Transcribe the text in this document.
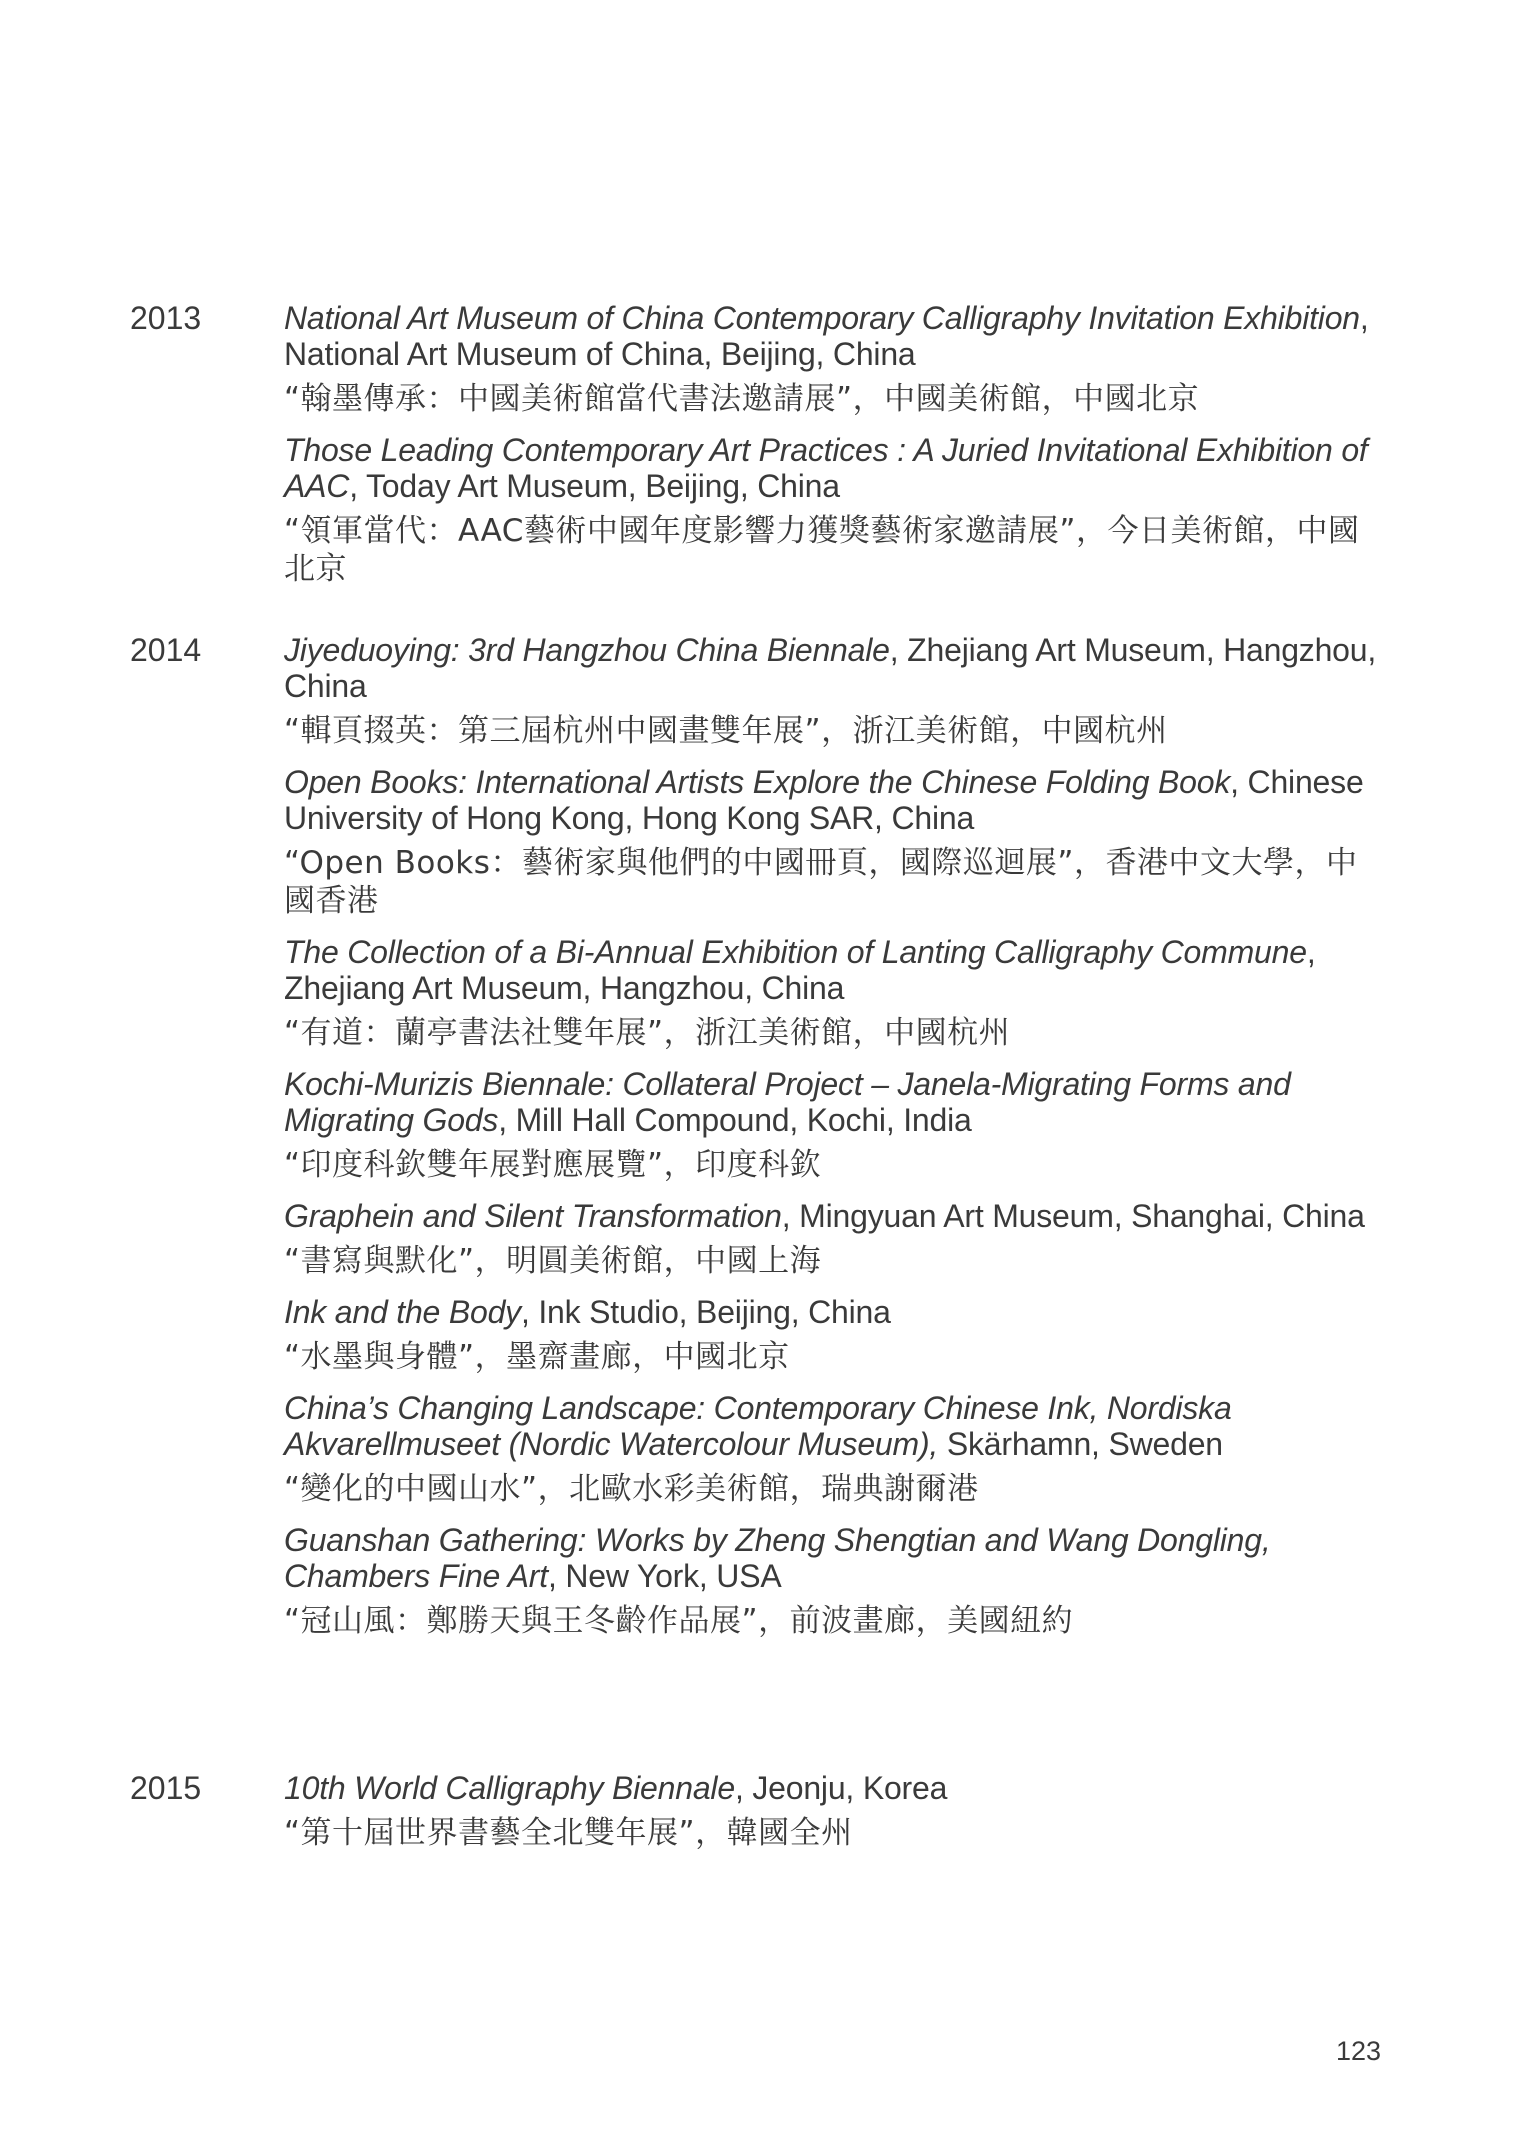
2013	National Art Museum of China Contemporary Calligraphy Invitation Exhibition, National Art Museum of China, Beijing, China

“翰墨傳承：中國美術館當代書法邀請展”，中國美術館，中國北京

Those Leading Contemporary Art Practices : A Juried Invitational Exhibition of AAC, Today Art Museum, Beijing, China

“領軍當代：AAC藝術中國年度影響力獲獎藝術家邀請展”，今日美術館，中國北京

2014	Jiyeduoying: 3rd Hangzhou China Biennale, Zhejiang Art Museum, Hangzhou, China

“輯頁掇英：第三屆杭州中國畫雙年展”，浙江美術館，中國杭州

Open Books: International Artists Explore the Chinese Folding Book, Chinese University of Hong Kong, Hong Kong SAR, China

“Open Books：藝術家與他們的中國冊頁，國際巡迴展”，香港中文大學，中國香港

The Collection of a Bi-Annual Exhibition of Lanting Calligraphy Commune, Zhejiang Art Museum, Hangzhou, China

“有道：蘭亭書法社雙年展”，浙江美術館，中國杭州

Kochi-Murizis Biennale: Collateral Project – Janela-Migrating Forms and Migrating Gods, Mill Hall Compound, Kochi, India

“印度科欽雙年展對應展覽”，印度科欽

Graphein and Silent Transformation, Mingyuan Art Museum, Shanghai, China

“書寫與默化”，明圓美術館，中國上海

Ink and the Body, Ink Studio, Beijing, China

“水墨與身體”，墨齋畫廊，中國北京

China’s Changing Landscape: Contemporary Chinese Ink, Nordiska Akvarellmuseet (Nordic Watercolour Museum), Skärhamn, Sweden

“變化的中國山水”，北歐水彩美術館，瑞典謝爾港

Guanshan Gathering: Works by Zheng Shengtian and Wang Dongling, Chambers Fine Art, New York, USA

“冠山風：鄭勝天與王冬齡作品展”，前波畫廊，美國紐約

2015	10th World Calligraphy Biennale, Jeonju, Korea

“第十屆世界書藝全北雙年展”，韓國全州

123
